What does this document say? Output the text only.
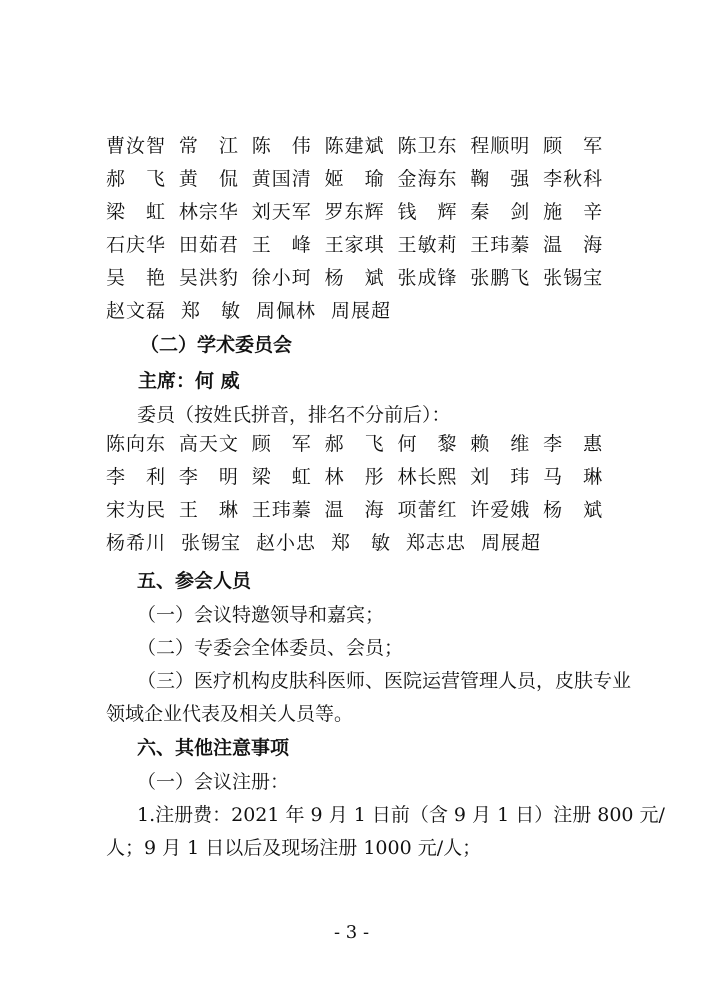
曹汝智 常　江 陈　伟 陈建斌 陈卫东 程顺明 顾　军
郝　飞 黄　侃 黄国清 姬　瑜 金海东 鞠　强 李秋科
梁　虹 林宗华 刘天军 罗东辉 钱　辉 秦　剑 施　辛
石庆华 田茹君 王　峰 王家琪 王敏莉 王玮蓁 温　海
吴　艳 吴洪豹 徐小珂 杨　斌 张成锋 张鹏飞 张锡宝
赵文磊 郑　敏 周佩林 周展超
（二）学术委员会
主席：何 威
委员（按姓氏拼音，排名不分前后）：
陈向东 高天文 顾　军 郝　飞 何　黎 赖　维 李　惠
李　利 李　明 梁　虹 林　彤 林长熙 刘　玮 马　琳
宋为民 王　琳 王玮蓁 温　海 项蕾红 许爱娥 杨　斌
杨希川 张锡宝 赵小忠 郑　敏 郑志忠 周展超
五、参会人员
（一）会议特邀领导和嘉宾；
（二）专委会全体委员、会员；
（三）医疗机构皮肤科医师、医院运营管理人员，皮肤专业
领域企业代表及相关人员等。
六、其他注意事项
（一）会议注册：
1.注册费：2021 年 9 月 1 日前（含 9 月 1 日）注册 800 元/
人；9 月 1 日以后及现场注册 1000 元/人；
- 3 -
